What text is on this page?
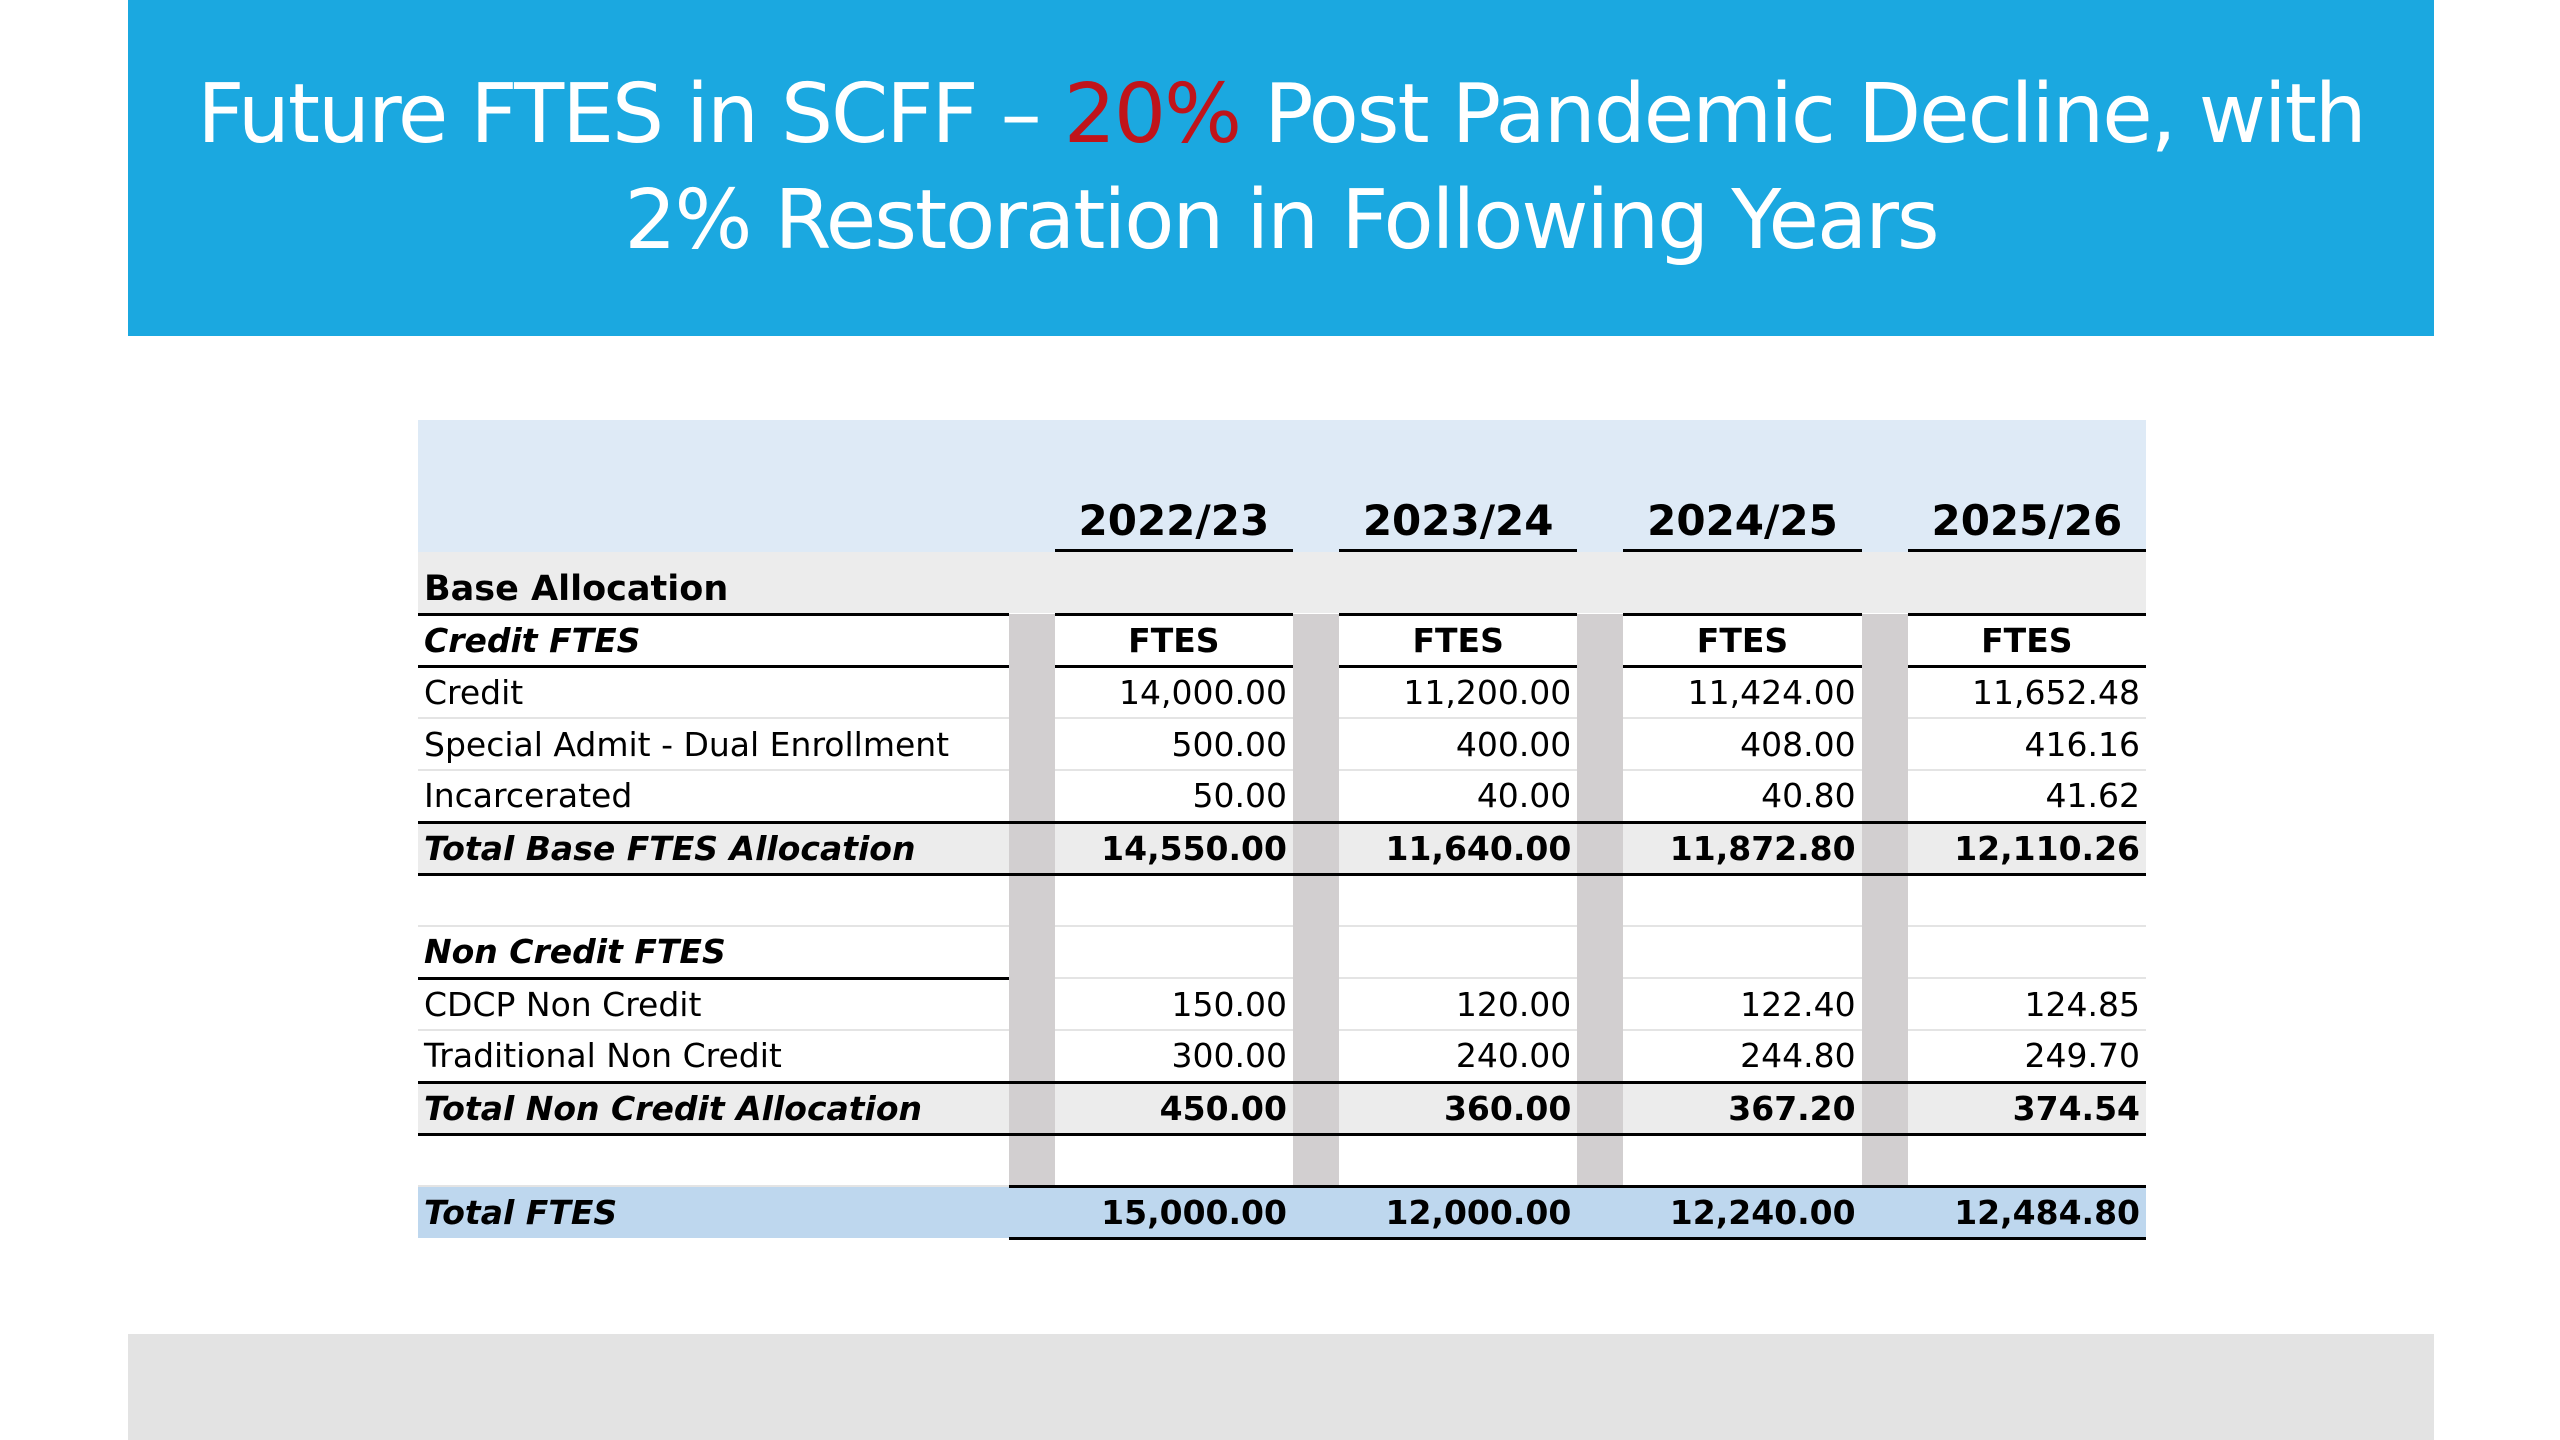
Future FTES in SCFF – 20% Post Pandemic Decline, with
2% Restoration in Following Years

		2022/23		2023/24		2024/25		2025/26

Base Allocation								
Credit FTES		FTES		FTES		FTES		FTES
Credit		14,000.00		11,200.00		11,424.00		11,652.48
Special Admit - Dual Enrollment		500.00		400.00		408.00		416.16
Incarcerated		50.00		40.00		40.80		41.62
Total Base FTES Allocation		14,550.00		11,640.00		11,872.80		12,110.26

Non Credit FTES								
CDCP Non Credit		150.00		120.00		122.40		124.85
Traditional Non Credit		300.00		240.00		244.80		249.70
Total Non Credit Allocation		450.00		360.00		367.20		374.54

Total FTES		15,000.00		12,000.00		12,240.00		12,484.80
